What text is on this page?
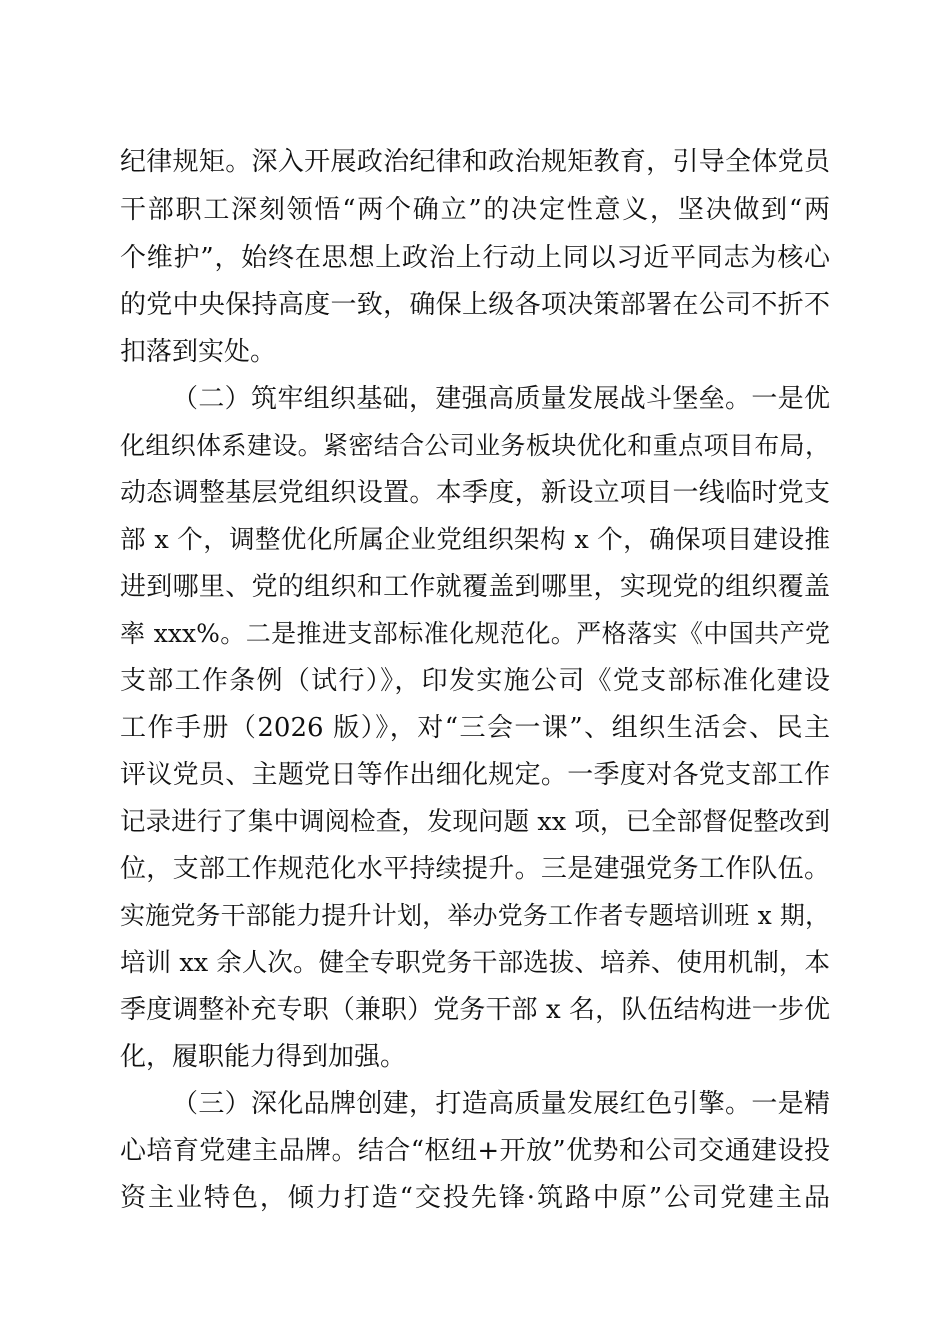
纪律规矩。深入开展政治纪律和政治规矩教育，引导全体党员
干部职工深刻领悟“两个确立”的决定性意义，坚决做到“两
个维护”，始终在思想上政治上行动上同以习近平同志为核心
的党中央保持高度一致，确保上级各项决策部署在公司不折不
扣落到实处。
（二）筑牢组织基础，建强高质量发展战斗堡垒。一是优
化组织体系建设。紧密结合公司业务板块优化和重点项目布局，
动态调整基层党组织设置。本季度，新设立项目一线临时党支
部 x 个，调整优化所属企业党组织架构 x 个，确保项目建设推
进到哪里、党的组织和工作就覆盖到哪里，实现党的组织覆盖
率 xxx%。二是推进支部标准化规范化。严格落实《中国共产党
支部工作条例（试行）》，印发实施公司《党支部标准化建设
工作手册（2026 版）》，对“三会一课”、组织生活会、民主
评议党员、主题党日等作出细化规定。一季度对各党支部工作
记录进行了集中调阅检查，发现问题 xx 项，已全部督促整改到
位，支部工作规范化水平持续提升。三是建强党务工作队伍。
实施党务干部能力提升计划，举办党务工作者专题培训班 x 期，
培训 xx 余人次。健全专职党务干部选拔、培养、使用机制，本
季度调整补充专职（兼职）党务干部 x 名，队伍结构进一步优
化，履职能力得到加强。
（三）深化品牌创建，打造高质量发展红色引擎。一是精
心培育党建主品牌。结合“枢纽+开放”优势和公司交通建设投
资主业特色，倾力打造“交投先锋·筑路中原”公司党建主品
